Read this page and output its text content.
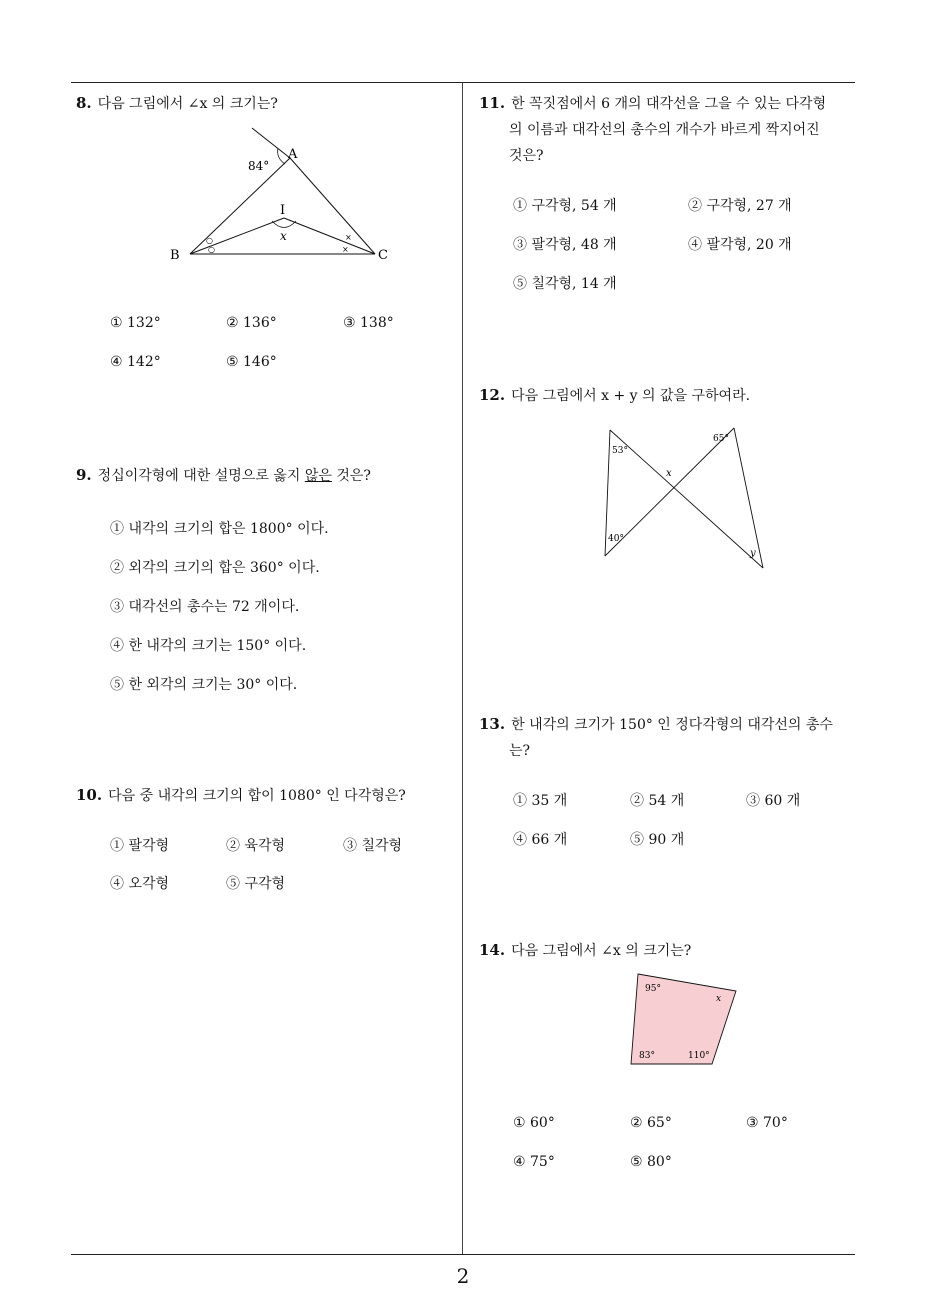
2
8. 다음 그림에서 ∠x 의 크기는?
84°
A
I
B	C
x
○
○
×
×
① 132°	② 136°	③ 138°
④ 142°	⑤ 146°
9. 정십이각형에 대한 설명으로 옳지 않은 것은?
① 내각의 크기의 합은 1800° 이다.
② 외각의 크기의 합은 360° 이다.
③ 대각선의 총수는 72 개이다.
④ 한 내각의 크기는 150° 이다.
⑤ 한 외각의 크기는 30° 이다.
10. 다음 중 내각의 크기의 합이 1080° 인 다각형은?
① 팔각형	② 육각형	③ 칠각형
④ 오각형	⑤ 구각형
11. 한 꼭짓점에서 6 개의 대각선을 그을 수 있는 다각형
의 이름과 대각선의 총수의 개수가 바르게 짝지어진
것은?
① 구각형, 54 개	② 구각형, 27 개
③ 팔각형, 48 개	④ 팔각형, 20 개
⑤ 칠각형, 14 개
12. 다음 그림에서 x + y 의 값을 구하여라.
53°
65°
40°
x
y
13. 한 내각의 크기가 150° 인 정다각형의 대각선의 총수
는?
① 35 개	② 54 개	③ 60 개
④ 66 개	⑤ 90 개
14. 다음 그림에서 ∠x 의 크기는?
95°
x
83°	110°
① 60°	② 65°	③ 70°
④ 75°	⑤ 80°
